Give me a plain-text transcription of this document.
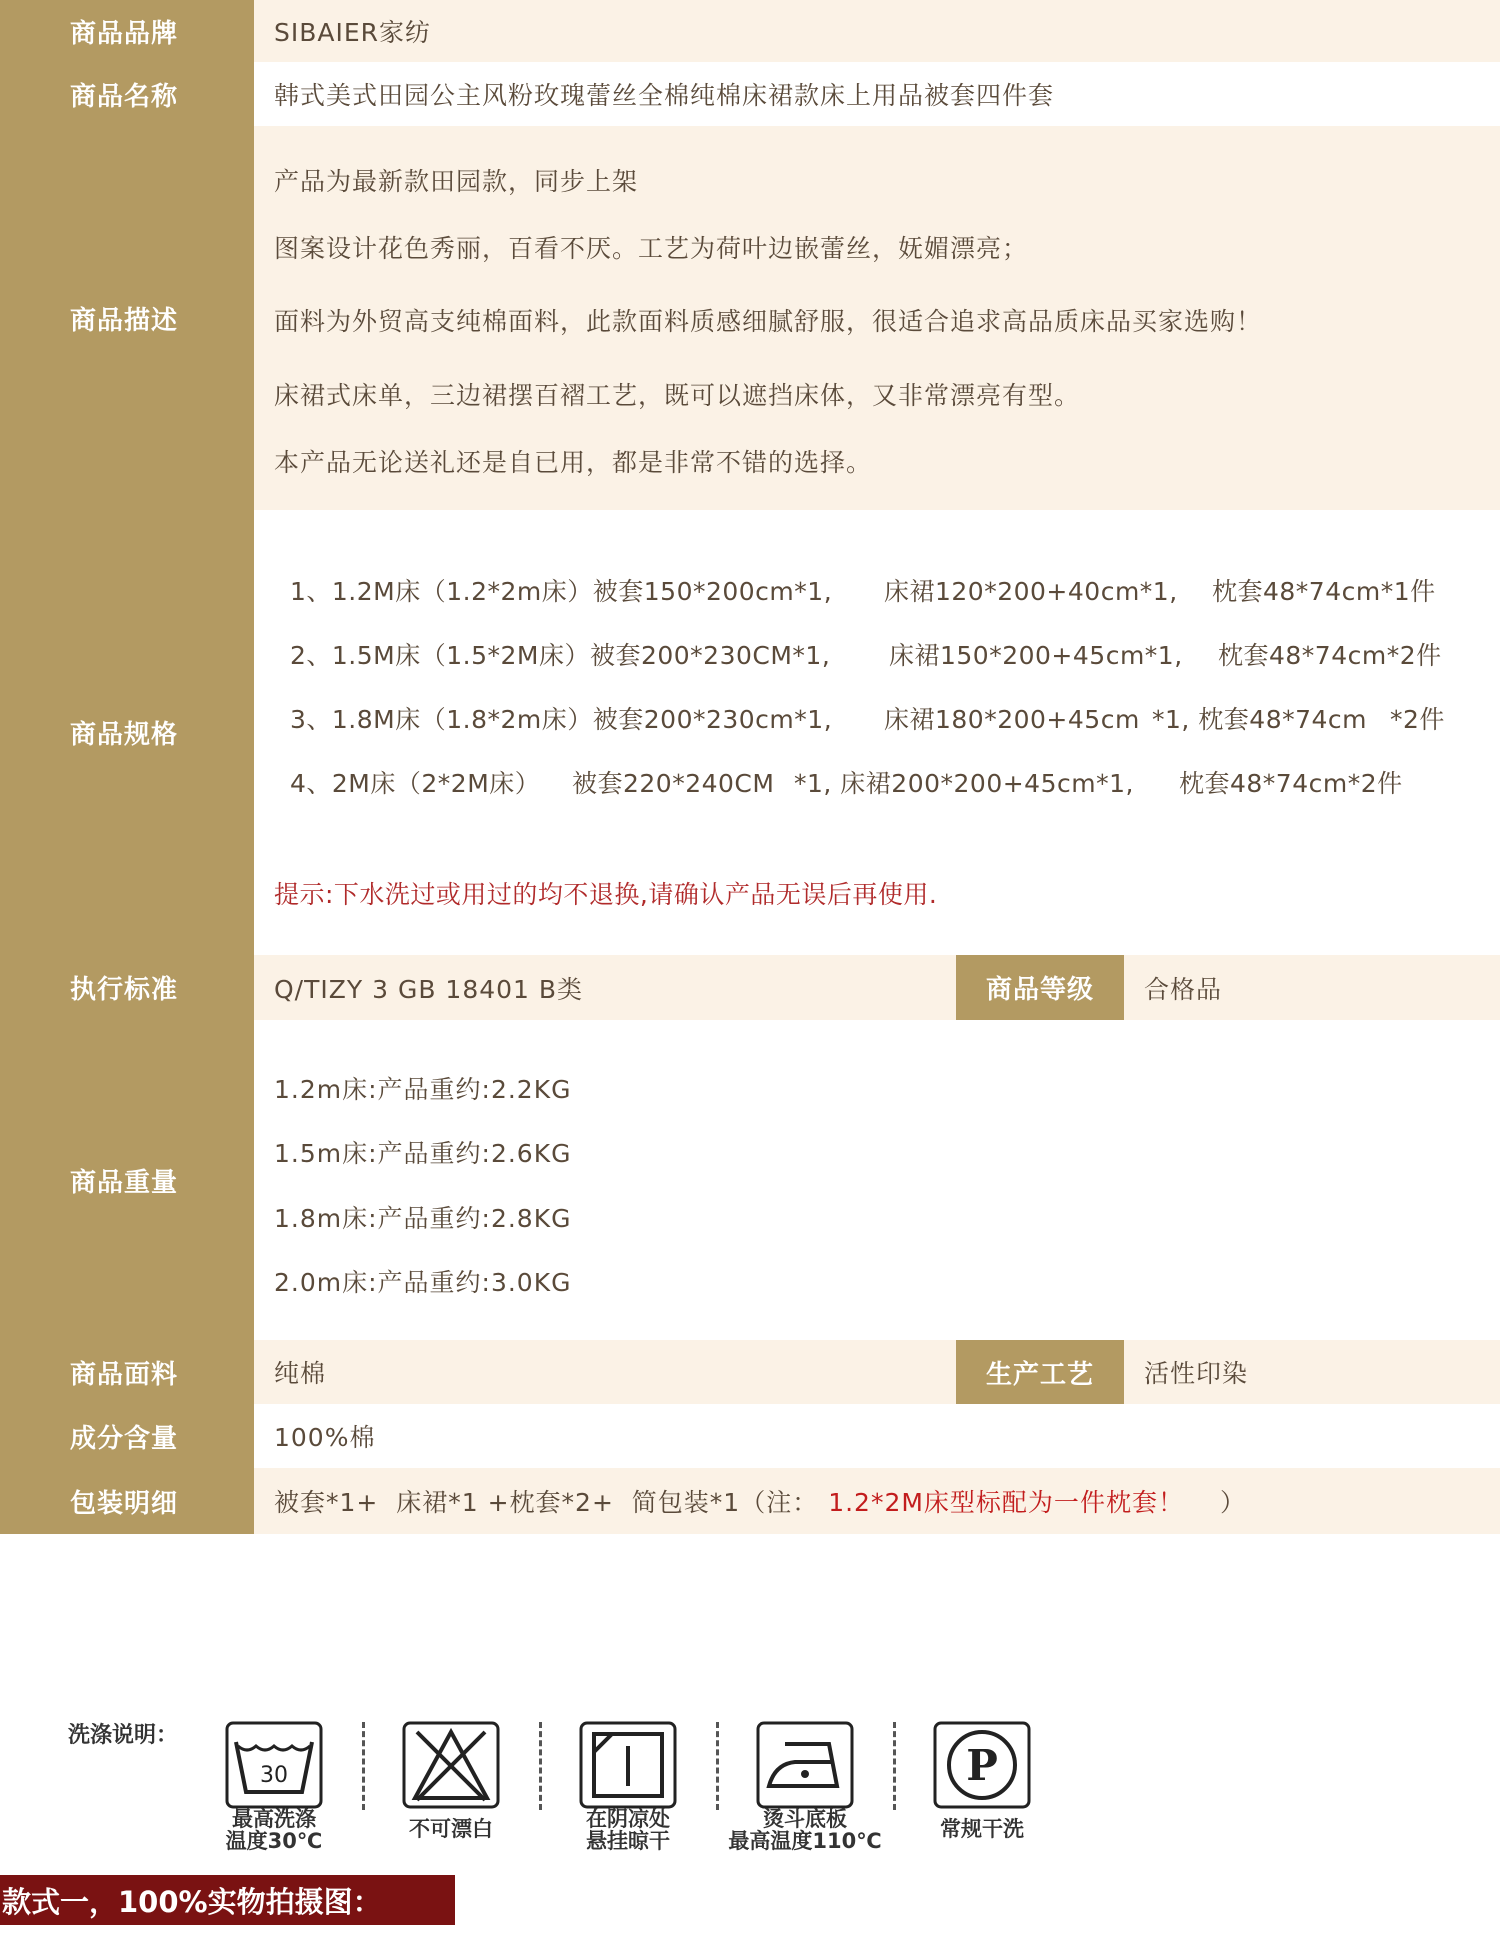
商品品牌	SIBAIER家纺
商品名称	韩式美式田园公主风粉玫瑰蕾丝全棉纯棉床裙款床上用品被套四件套
商品描述
产品为最新款田园款，同步上架
图案设计花色秀丽，百看不厌。工艺为荷叶边嵌蕾丝，妩媚漂亮；
面料为外贸高支纯棉面料，此款面料质感细腻舒服，很适合追求高品质床品买家选购！
床裙式床单，三边裙摆百褶工艺，既可以遮挡床体，又非常漂亮有型。
本产品无论送礼还是自已用，都是非常不错的选择。
商品规格
1、1.2M床（1.2*2m床）被套150*200cm*1, 床裙120*200+40cm*1, 枕套48*74cm*1件
2、1.5M床（1.5*2M床）被套200*230CM*1, 床裙150*200+45cm*1, 枕套48*74cm*2件
3、1.8M床（1.8*2m床）被套200*230cm*1, 床裙180*200+45cm *1, 枕套48*74cm *2件
4、2M床（2*2M床） 被套220*240CM *1, 床裙200*200+45cm*1, 枕套48*74cm*2件
提示:下水洗过或用过的均不退换,请确认产品无误后再使用.
执行标准	Q/TIZY 3 GB 18401 B类	商品等级	合格品
商品重量
1.2m床:产品重约:2.2KG
1.5m床:产品重约:2.6KG
1.8m床:产品重约:2.8KG
2.0m床:产品重约:3.0KG
商品面料	纯棉	生产工艺	活性印染
成分含量	100%棉
包装明细	被套*1+  床裙*1 +枕套*2+  简包装*1（注： 1.2*2M床型标配为一件枕套！ ）
洗涤说明：
30
最高洗涤
温度30℃	不可漂白	在阴凉处
悬挂晾干
烫斗底板
最高温度110℃
P
常规干洗
款式一，100%实物拍摄图：
